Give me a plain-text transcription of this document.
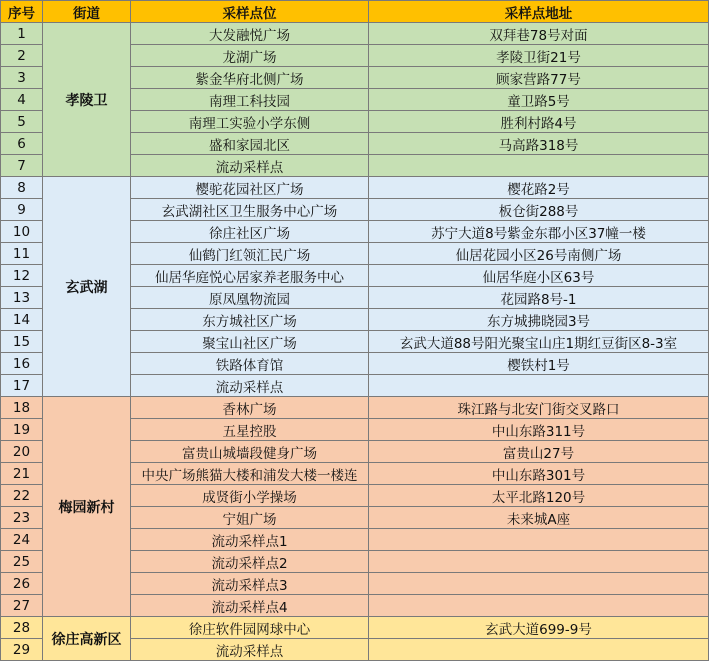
序号	街道	采样点位	采样点地址
1	孝陵卫	大发融悦广场	双拜巷78号对面
2		龙湖广场	孝陵卫街21号
3		紫金华府北侧广场	顾家营路77号
4		南理工科技园	童卫路5号
5		南理工实验小学东侧	胜利村路4号
6		盛和家园北区	马高路318号
7		流动采样点	
8	玄武湖	樱驼花园社区广场	樱花路2号
9		玄武湖社区卫生服务中心广场	板仓街288号
10		徐庄社区广场	苏宁大道8号紫金东郡小区37幢一楼
11		仙鹤门红领汇民广场	仙居花园小区26号南侧广场
12		仙居华庭悦心居家养老服务中心	仙居华庭小区63号
13		原凤凰物流园	花园路8号-1
14		东方城社区广场	东方城拂晓园3号
15		聚宝山社区广场	玄武大道88号阳光聚宝山庄1期红豆街区8-3室
16		铁路体育馆	樱铁村1号
17		流动采样点	
18	梅园新村	香林广场	珠江路与北安门街交叉路口
19		五星控股	中山东路311号
20		富贵山城墙段健身广场	富贵山27号
21		中央广场熊猫大楼和浦发大楼一楼连	中山东路301号
22		成贤街小学操场	太平北路120号
23		宁姐广场	未来城A座
24		流动采样点1	
25		流动采样点2	
26		流动采样点3	
27		流动采样点4	
28	徐庄高新区	徐庄软件园网球中心	玄武大道699-9号
29		流动采样点	
